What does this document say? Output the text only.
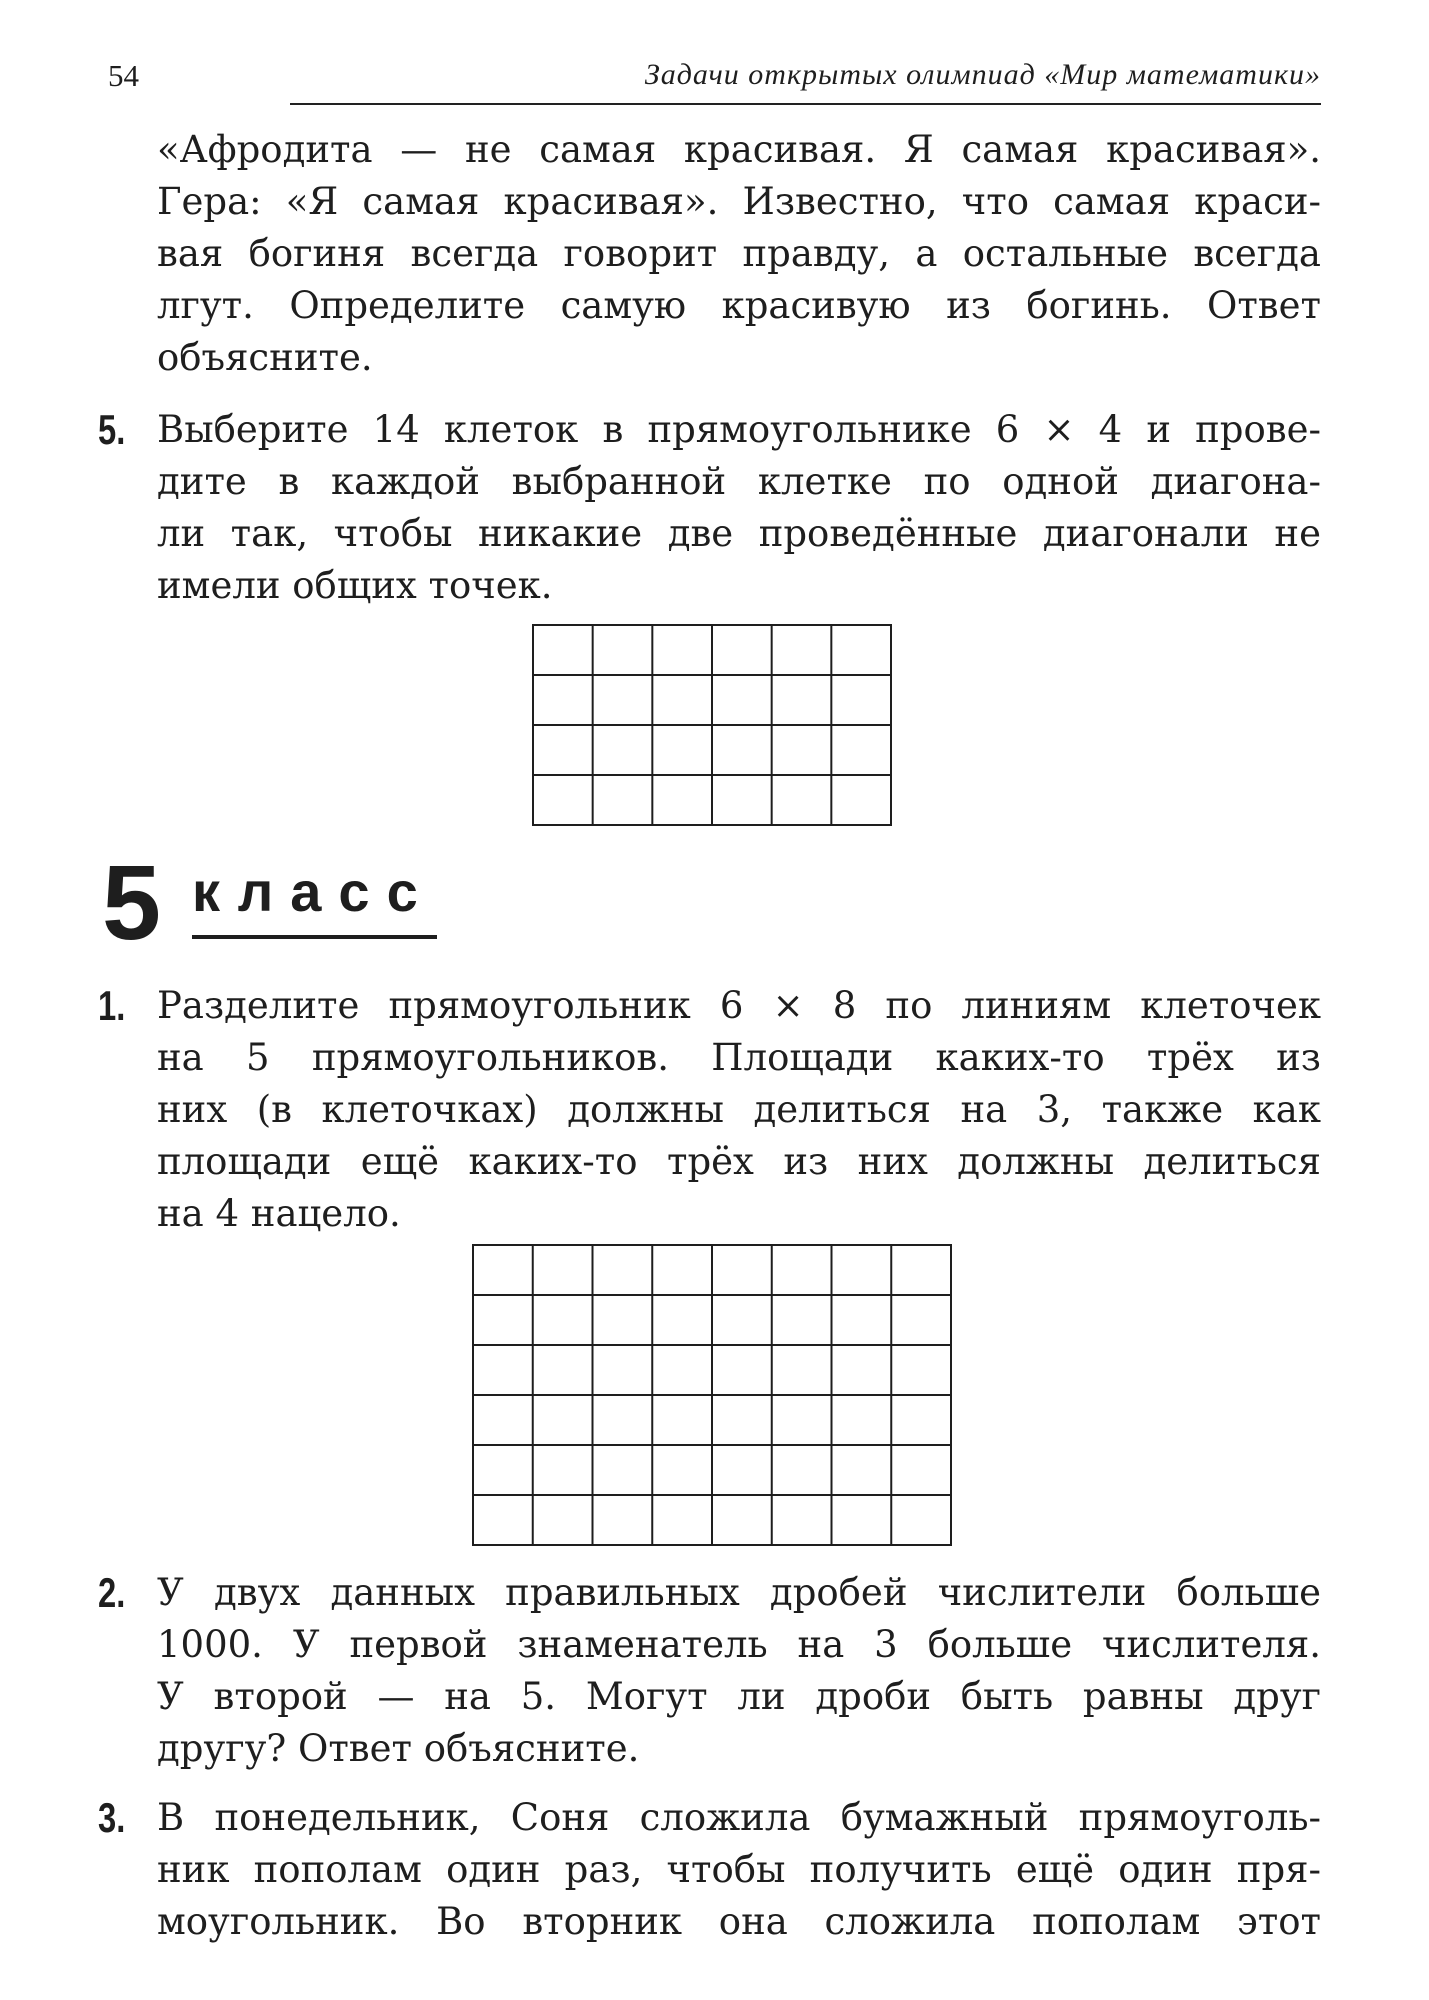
54	Задачи открытых олимпиад «Мир математики»
«Афродита — не самая красивая. Я самая красивая».
Гера: «Я самая красивая». Известно, что самая краси-
вая богиня всегда говорит правду, а остальные всегда
лгут. Определите самую красивую из богинь. Ответ
объясните.
5. Выберите 14 клеток в прямоугольнике 6 × 4 и прове-
дите в каждой выбранной клетке по одной диагона-
ли так, чтобы никакие две проведённые диагонали не
имели общих точек.
5 класс
1. Разделите прямоугольник 6 × 8 по линиям клеточек
на 5 прямоугольников. Площади каких-то трёх из
них (в клеточках) должны делиться на 3, также как
площади ещё каких-то трёх из них должны делиться
на 4 нацело.
2. У двух данных правильных дробей числители больше
1000. У первой знаменатель на 3 больше числителя.
У второй — на 5. Могут ли дроби быть равны друг
другу? Ответ объясните.
3. В понедельник, Соня сложила бумажный прямоуголь-
ник пополам один раз, чтобы получить ещё один пря-
моугольник. Во вторник она сложила пополам этот
